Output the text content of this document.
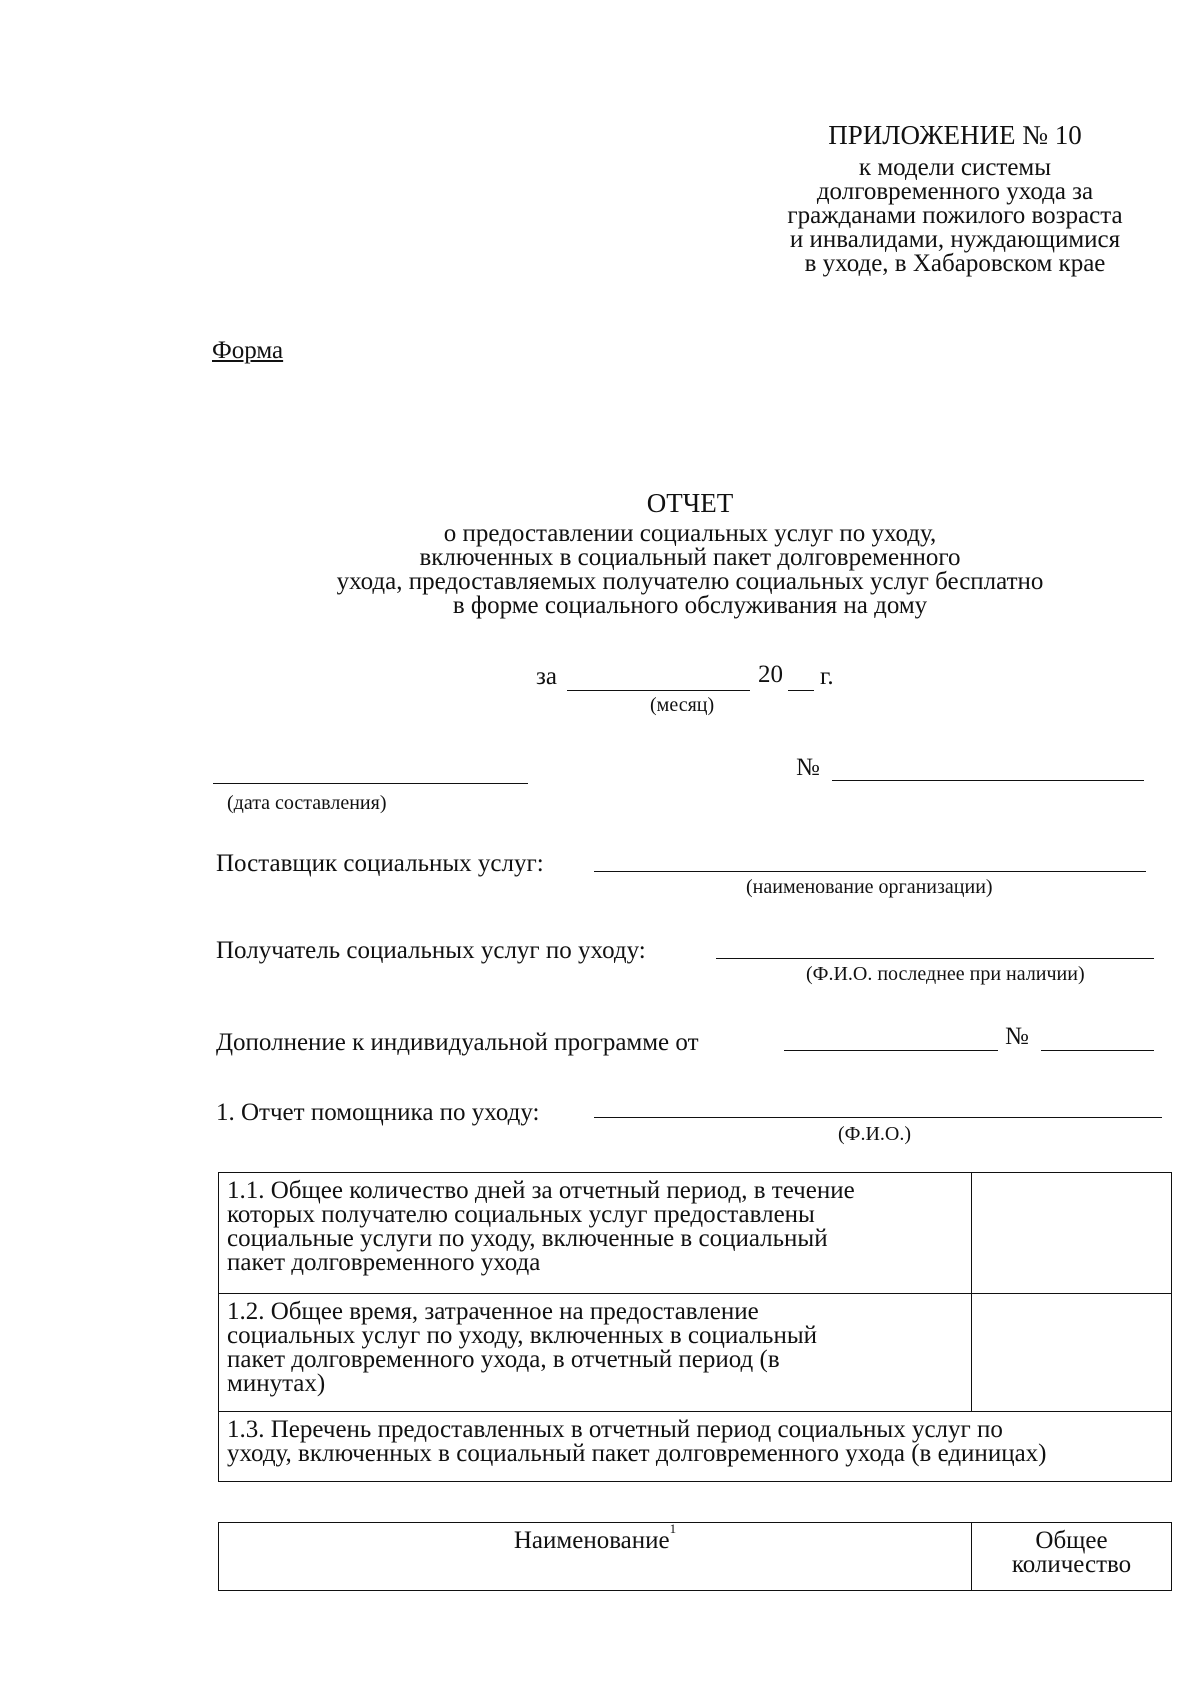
ПРИЛОЖЕНИЕ № 10
к модели системы
долговременного ухода за
гражданами пожилого возраста
и инвалидами, нуждающимися
в уходе, в Хабаровском крае
Форма
ОТЧЕТ
о предоставлении социальных услуг по уходу,
включенных в социальный пакет долговременного
ухода, предоставляемых получателю социальных услуг бесплатно
в форме социального обслуживания на дому
за	20 г.
(месяц)
(дата составления)
№
Поставщик социальных услуг:
(наименование организации)
Получатель социальных услуг по уходу:
(Ф.И.О. последнее при наличии)
Дополнение к индивидуальной программе от	№
1. Отчет помощника по уходу:
(Ф.И.О.)
1.1. Общее количество дней за отчетный период, в течение
которых получателю социальных услуг предоставлены
социальные услуги по уходу, включенные в социальный
пакет долговременного ухода	

1.2. Общее время, затраченное на предоставление
социальных услуг по уходу, включенных в социальный
пакет долговременного ухода, в отчетный период (в
минутах)	

1.3. Перечень предоставленных в отчетный период социальных услуг по
уходу, включенных в социальный пакет долговременного ухода (в единицах)	
Наименование$^1$	Общее
количество
